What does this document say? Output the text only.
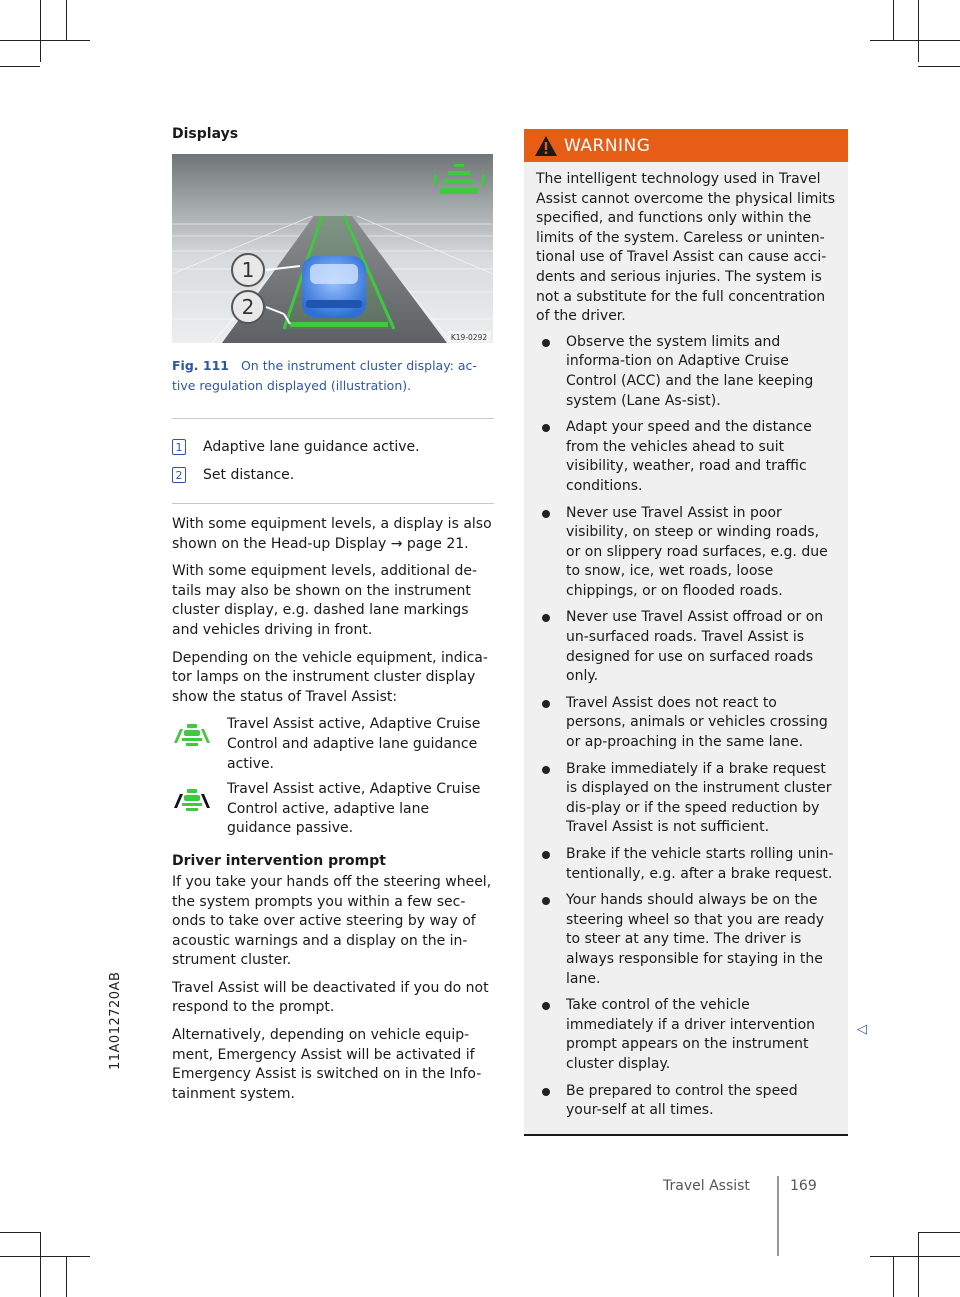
11A012720AB
Displays
1
2
K19-0292
Fig. 111 On the instrument cluster display: ac-tive regulation displayed (illustration).
1 Adaptive lane guidance active.
2 Set distance.

With some equipment levels, a display is also shown on the Head-up Display → page 21.

With some equipment levels, additional de-tails may also be shown on the instrument cluster display, e.g. dashed lane markings and vehicles driving in front.

Depending on the vehicle equipment, indica-tor lamps on the instrument cluster display show the status of Travel Assist:

Travel Assist active, Adaptive Cruise Control and adaptive lane guidance active.
Travel Assist active, Adaptive Cruise Control active, adaptive lane guidance passive.
Driver intervention prompt

If you take your hands off the steering wheel, the system prompts you within a few sec-onds to take over active steering by way of acoustic warnings and a display on the in-strument cluster.

Travel Assist will be deactivated if you do not respond to the prompt.

Alternatively, depending on vehicle equip-ment, Emergency Assist will be activated if Emergency Assist is switched on in the Info-tainment system.

WARNING

The intelligent technology used in Travel Assist cannot overcome the physical limits specified, and functions only within the limits of the system. Careless or uninten-tional use of Travel Assist can cause acci-dents and serious injuries. The system is not a substitute for the full concentration of the driver.

Observe the system limits and informa-tion on Adaptive Cruise Control (ACC) and the lane keeping system (Lane As-sist).
Adapt your speed and the distance from the vehicles ahead to suit visibility, weather, road and traffic conditions.
Never use Travel Assist in poor visibility, on steep or winding roads, or on slippery road surfaces, e.g. due to snow, ice, wet roads, loose chippings, or on flooded roads.
Never use Travel Assist offroad or on un-surfaced roads. Travel Assist is designed for use on surfaced roads only.
Travel Assist does not react to persons, animals or vehicles crossing or ap-proaching in the same lane.
Brake immediately if a brake request is displayed on the instrument cluster dis-play or if the speed reduction by Travel Assist is not sufficient.
Brake if the vehicle starts rolling unin-tentionally, e.g. after a brake request.
Your hands should always be on the steering wheel so that you are ready to steer at any time. The driver is always responsible for staying in the lane.
Take control of the vehicle immediately if a driver intervention prompt appears on the instrument cluster display.
Be prepared to control the speed your-self at all times.
◁
Travel Assist	169
